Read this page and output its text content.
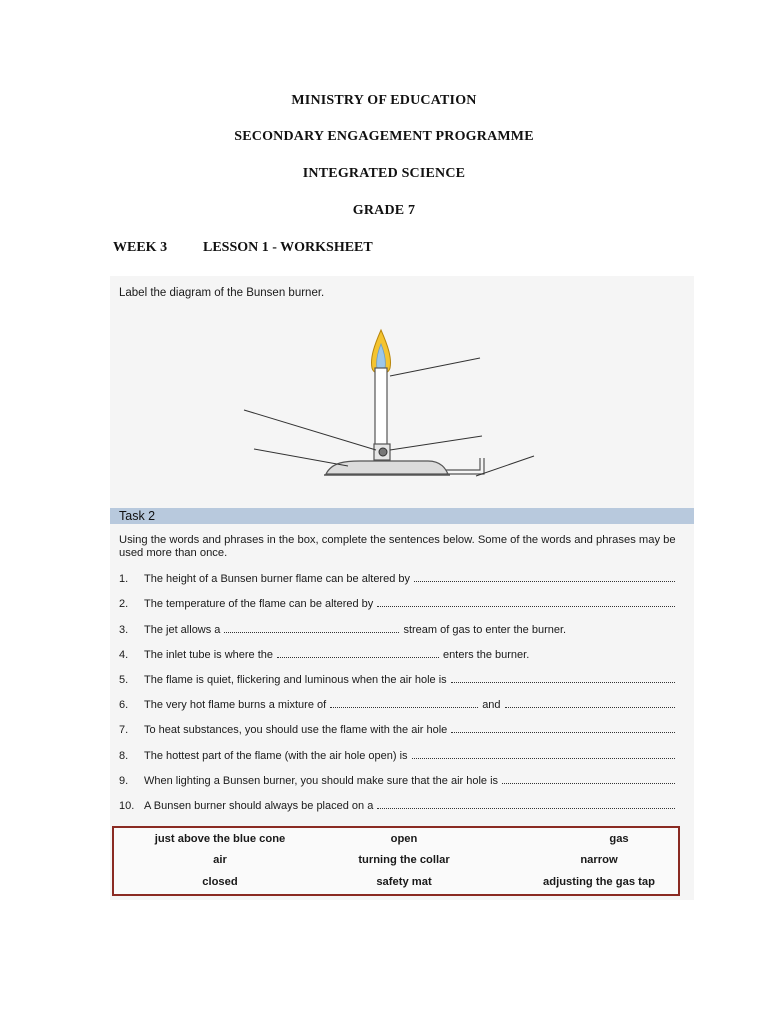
MINISTRY OF EDUCATION
SECONDARY ENGAGEMENT PROGRAMME
INTEGRATED SCIENCE
GRADE 7
WEEK 3	LESSON 1 - WORKSHEET
Label the diagram of the Bunsen burner.
Task 2
Using the words and phrases in the box, complete the sentences below. Some of the words and phrases may be used more than once.
1.	The height of a Bunsen burner flame can be altered by
2.	The temperature of the flame can be altered by
3.	The jet allows a	stream of gas to enter the burner.
4.	The inlet tube is where the	enters the burner.
5.	The flame is quiet, flickering and luminous when the air hole is
6.	The very hot flame burns a mixture of	and
7.	To heat substances, you should use the flame with the air hole
8.	The hottest part of the flame (with the air hole open) is
9.	When lighting a Bunsen burner, you should make sure that the air hole is
10. A Bunsen burner should always be placed on a
just above the blue cone	open	gas
air	turning the collar	narrow
closed	safety mat	adjusting the gas tap
